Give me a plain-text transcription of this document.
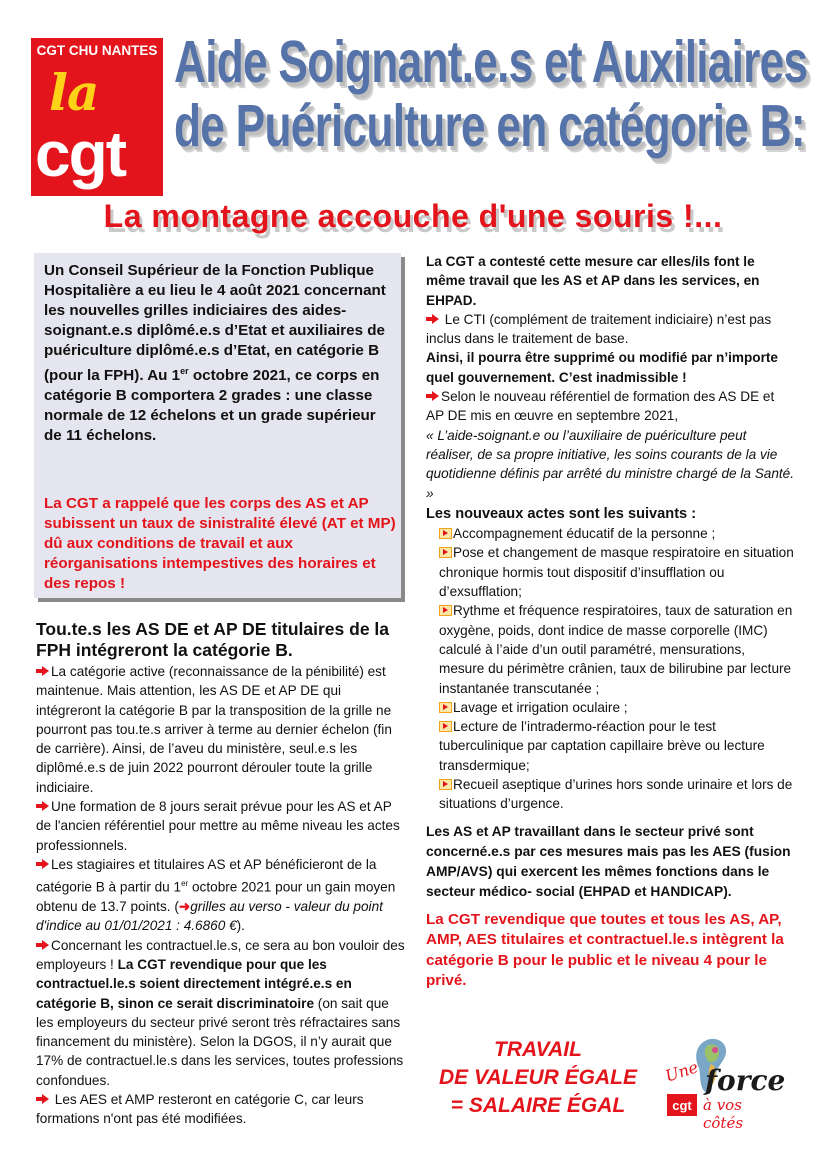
CGT CHU NANTES
la
cgt
Aide Soignant.e.s et Auxiliaires
de Puériculture en catégorie B:
La montagne accouche d'une souris !...

Un Conseil Supérieur de la Fonction Publique Hospitalière a eu lieu le 4 août 2021 concernant les nouvelles grilles indiciaires des aides-soignant.e.s diplômé.e.s d’Etat et auxiliaires de puériculture diplômé.e.s d’Etat, en catégorie B (pour la FPH). Au 1er octobre 2021, ce corps en catégorie B comportera 2 grades : une classe normale de 12 échelons et un grade supérieur de 11 échelons.

La CGT a rappelé que les corps des AS et AP subissent un taux de sinistralité élevé (AT et MP) dû aux conditions de travail et aux réorganisations intempestives des horaires et des repos !

Tou.te.s les AS DE et AP DE titulaires de la FPH intégreront la catégorie B.

La catégorie active (reconnaissance de la pénibilité) est maintenue. Mais attention, les AS DE et AP DE qui intégreront la catégorie B par la transposition de la grille ne pourront pas tou.te.s arriver à terme au dernier échelon (fin de carrière). Ainsi, de l’aveu du ministère, seul.e.s les diplômé.e.s de juin 2022 pourront dérouler toute la grille indiciaire.

Une formation de 8 jours serait prévue pour les AS et AP de l'ancien référentiel pour mettre au même niveau les actes professionnels.

Les stagiaires et titulaires AS et AP bénéficieront de la catégorie B à partir du 1er octobre 2021 pour un gain moyen obtenu de 13.7 points. (➜grilles au verso - valeur du point d'indice au 01/01/2021 : 4.6860 €).

Concernant les contractuel.le.s, ce sera au bon vouloir des employeurs ! La CGT revendique pour que les contractuel.le.s soient directement intégré.e.s en catégorie B, sinon ce serait discriminatoire (on sait que les employeurs du secteur privé seront très réfractaires sans financement du ministère). Selon la DGOS, il n’y aurait que 17% de contractuel.le.s dans les services, toutes professions confondues.

Les AES et AMP resteront en catégorie C, car leurs formations n'ont pas été modifiées.

La CGT a contesté cette mesure car elles/ils font le même travail que les AS et AP dans les services, en EHPAD.

Le CTI (complément de traitement indiciaire) n’est pas inclus dans le traitement de base.

Ainsi, il pourra être supprimé ou modifié par n’importe quel gouvernement. C’est inadmissible !

Selon le nouveau référentiel de formation des AS DE et AP DE mis en œuvre en septembre 2021,

« L’aide-soignant.e ou l’auxiliaire de puériculture peut réaliser, de sa propre initiative, les soins courants de la vie quotidienne définis par arrêté du ministre chargé de la Santé. »

Les nouveaux actes sont les suivants :

Accompagnement éducatif de la personne ;

Pose et changement de masque respiratoire en situation chronique hormis tout dispositif d’insufflation ou d’exsufflation;

Rythme et fréquence respiratoires, taux de saturation en oxygène, poids, dont indice de masse corporelle (IMC) calculé à l’aide d’un outil paramétré, mensurations, mesure du périmètre crânien, taux de bilirubine par lecture instantanée transcutanée ;

Lavage et irrigation oculaire ;

Lecture de l’intradermo-réaction pour le test tuberculinique par captation capillaire brève ou lecture transdermique;

Recueil aseptique d’urines hors sonde urinaire et lors de situations d’urgence.

Les AS et AP travaillant dans le secteur privé sont concerné.e.s par ces mesures mais pas les AES (fusion AMP/AVS) qui exercent les mêmes fonctions dans le secteur médico- social (EHPAD et HANDICAP).

La CGT revendique que toutes et tous les AS, AP, AMP, AES titulaires et contractuel.le.s intègrent la catégorie B pour le public et le niveau 4 pour le privé.

TRAVAIL
DE VALEUR ÉGALE
= SALAIRE ÉGAL
Une force
cgt à vos côtés
